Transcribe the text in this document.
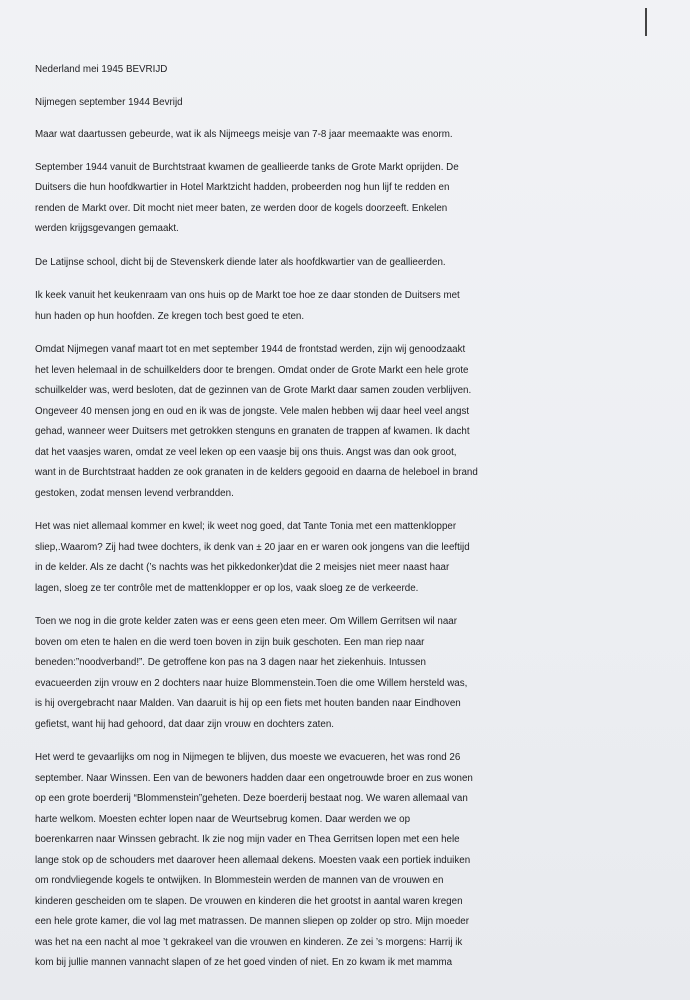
Nederland mei 1945 BEVRIJD

Nijmegen september 1944 Bevrijd

Maar wat daartussen gebeurde, wat ik als Nijmeegs meisje van 7-8 jaar meemaakte was enorm.

September 1944 vanuit de Burchtstraat kwamen de geallieerde tanks de Grote Markt oprijden. De
Duitsers die hun hoofdkwartier in Hotel Marktzicht hadden, probeerden nog hun lijf te redden en
renden de Markt over. Dit mocht niet meer baten, ze werden door de kogels doorzeeft. Enkelen
werden krijgsgevangen gemaakt.

De Latijnse school, dicht bij de Stevenskerk diende later als hoofdkwartier van de geallieerden.

Ik keek vanuit het keukenraam van ons huis op de Markt toe hoe ze daar stonden de Duitsers met
hun haden op hun hoofden. Ze kregen toch best goed te eten.

Omdat Nijmegen vanaf maart tot en met september 1944 de frontstad werden, zijn wij genoodzaakt
het leven helemaal in de schuilkelders door te brengen. Omdat onder de Grote Markt een hele grote
schuilkelder was, werd besloten, dat de gezinnen van de Grote Markt daar samen zouden verblijven.
Ongeveer 40 mensen jong en oud en ik was de jongste. Vele malen hebben wij daar heel veel angst
gehad, wanneer weer Duitsers met getrokken stenguns en granaten de trappen af kwamen. Ik dacht
dat het vaasjes waren, omdat ze veel leken op een vaasje bij ons thuis. Angst was dan ook groot,
want in de Burchtstraat hadden ze ook granaten in de kelders gegooid en daarna de heleboel in brand
gestoken, zodat mensen levend verbrandden.

Het was niet allemaal kommer en kwel; ik weet nog goed, dat Tante Tonia met een mattenklopper
sliep,.Waarom? Zij had twee dochters, ik denk van ± 20 jaar en er waren ook jongens van die leeftijd
in de kelder. Als ze dacht (’s nachts was het pikkedonker)dat die 2 meisjes niet meer naast haar
lagen, sloeg ze ter contrôle met de mattenklopper er op los, vaak sloeg ze de verkeerde.

Toen we nog in die grote kelder zaten was er eens geen eten meer. Om Willem Gerritsen wil naar
boven om eten te halen en die werd toen boven in zijn buik geschoten. Een man riep naar
beneden:”noodverband!”. De getroffene kon pas na 3 dagen naar het ziekenhuis. Intussen
evacueerden zijn vrouw en 2 dochters naar huize Blommenstein.Toen die ome Willem hersteld was,
is hij overgebracht naar Malden. Van daaruit is hij op een fiets met houten banden naar Eindhoven
gefietst, want hij had gehoord, dat daar zijn vrouw en dochters zaten.

Het werd te gevaarlijks om nog in Nijmegen te blijven, dus moeste we evacueren, het was rond 26
september. Naar Winssen. Een van de bewoners hadden daar een ongetrouwde broer en zus wonen
op een grote boerderij “Blommenstein”geheten. Deze boerderij bestaat nog. We waren allemaal van
harte welkom. Moesten echter lopen naar de Weurtsebrug komen. Daar werden we op
boerenkarren naar Winssen gebracht. Ik zie nog mijn vader en Thea Gerritsen lopen met een hele
lange stok op de schouders met daarover heen allemaal dekens. Moesten vaak een portiek induiken
om rondvliegende kogels te ontwijken. In Blommestein werden de mannen van de vrouwen en
kinderen gescheiden om te slapen. De vrouwen en kinderen die het grootst in aantal waren kregen
een hele grote kamer, die vol lag met matrassen. De mannen sliepen op zolder op stro. Mijn moeder
was het na een nacht al moe ’t gekrakeel van die vrouwen en kinderen. Ze zei ’s morgens: Harrij ik
kom bij jullie mannen vannacht slapen of ze het goed vinden of niet. En zo kwam ik met mamma
